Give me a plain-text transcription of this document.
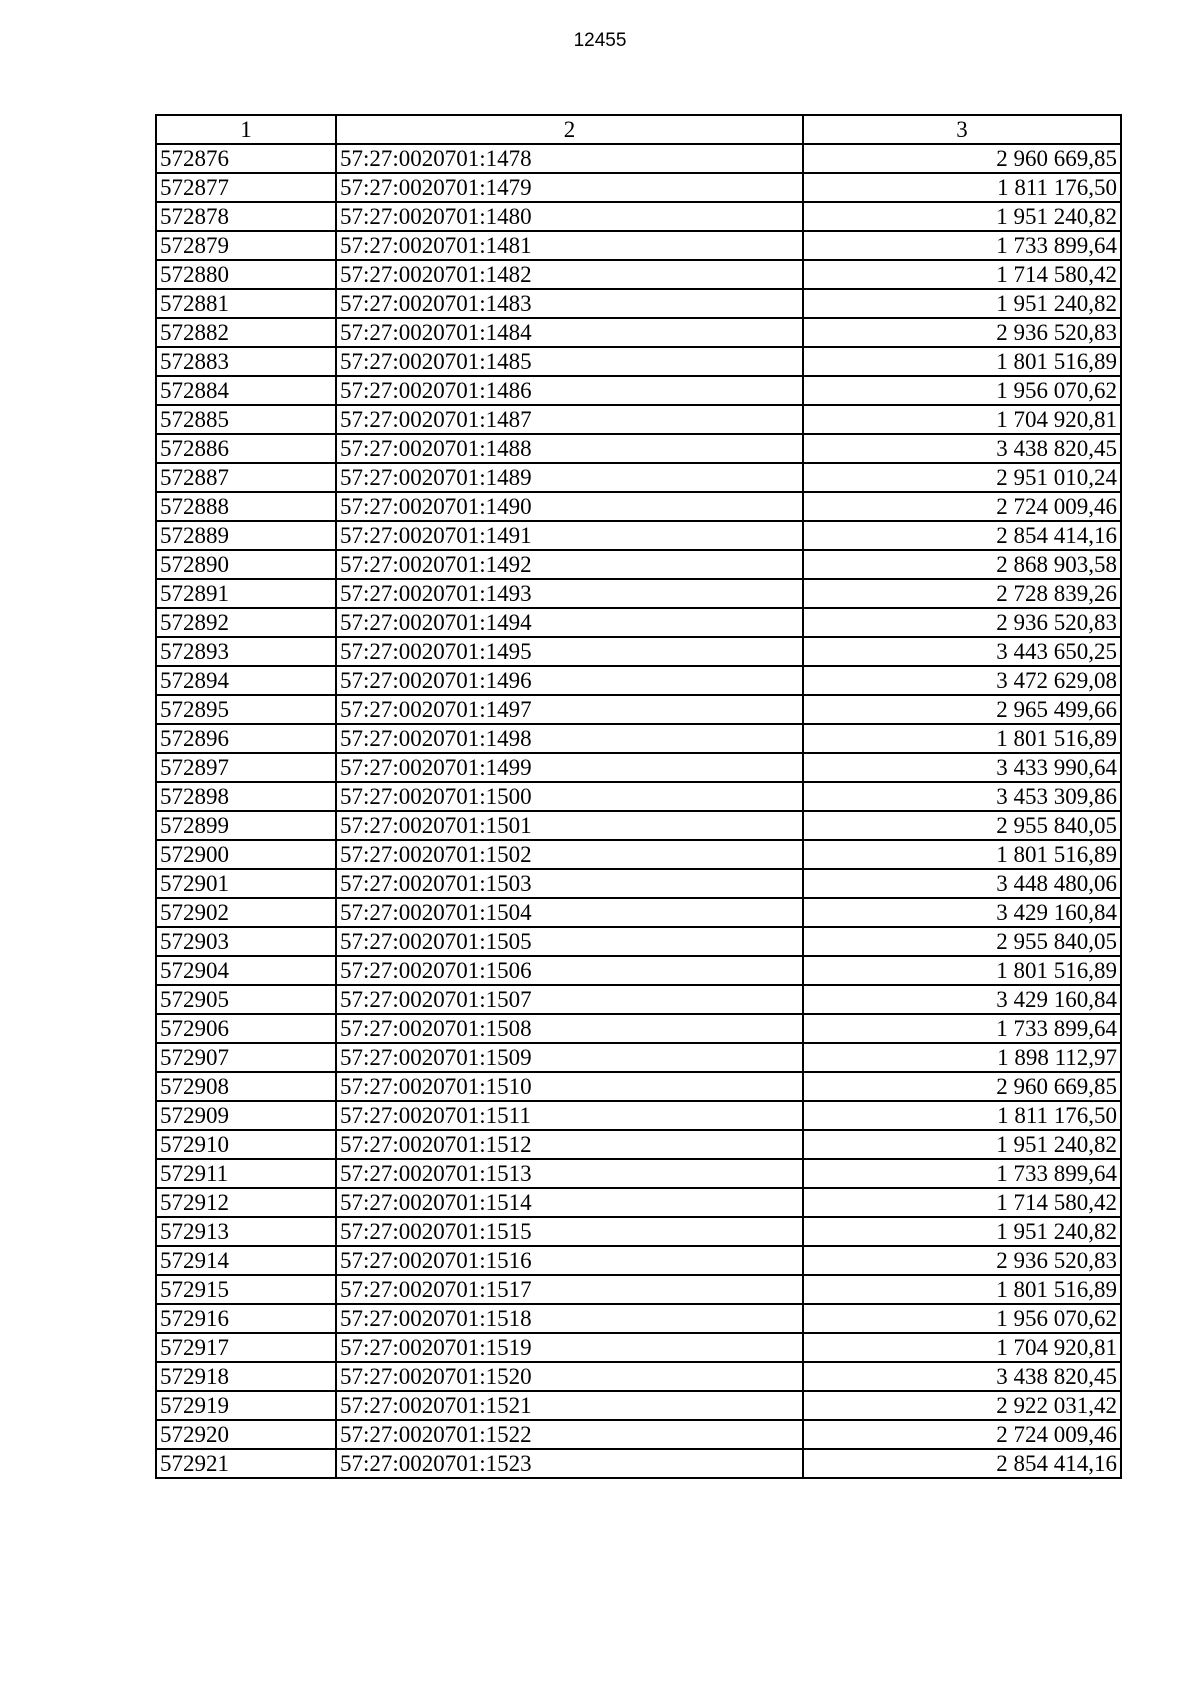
12455
1	2	3
572876	57:27:0020701:1478	2 960 669,85
572877	57:27:0020701:1479	1 811 176,50
572878	57:27:0020701:1480	1 951 240,82
572879	57:27:0020701:1481	1 733 899,64
572880	57:27:0020701:1482	1 714 580,42
572881	57:27:0020701:1483	1 951 240,82
572882	57:27:0020701:1484	2 936 520,83
572883	57:27:0020701:1485	1 801 516,89
572884	57:27:0020701:1486	1 956 070,62
572885	57:27:0020701:1487	1 704 920,81
572886	57:27:0020701:1488	3 438 820,45
572887	57:27:0020701:1489	2 951 010,24
572888	57:27:0020701:1490	2 724 009,46
572889	57:27:0020701:1491	2 854 414,16
572890	57:27:0020701:1492	2 868 903,58
572891	57:27:0020701:1493	2 728 839,26
572892	57:27:0020701:1494	2 936 520,83
572893	57:27:0020701:1495	3 443 650,25
572894	57:27:0020701:1496	3 472 629,08
572895	57:27:0020701:1497	2 965 499,66
572896	57:27:0020701:1498	1 801 516,89
572897	57:27:0020701:1499	3 433 990,64
572898	57:27:0020701:1500	3 453 309,86
572899	57:27:0020701:1501	2 955 840,05
572900	57:27:0020701:1502	1 801 516,89
572901	57:27:0020701:1503	3 448 480,06
572902	57:27:0020701:1504	3 429 160,84
572903	57:27:0020701:1505	2 955 840,05
572904	57:27:0020701:1506	1 801 516,89
572905	57:27:0020701:1507	3 429 160,84
572906	57:27:0020701:1508	1 733 899,64
572907	57:27:0020701:1509	1 898 112,97
572908	57:27:0020701:1510	2 960 669,85
572909	57:27:0020701:1511	1 811 176,50
572910	57:27:0020701:1512	1 951 240,82
572911	57:27:0020701:1513	1 733 899,64
572912	57:27:0020701:1514	1 714 580,42
572913	57:27:0020701:1515	1 951 240,82
572914	57:27:0020701:1516	2 936 520,83
572915	57:27:0020701:1517	1 801 516,89
572916	57:27:0020701:1518	1 956 070,62
572917	57:27:0020701:1519	1 704 920,81
572918	57:27:0020701:1520	3 438 820,45
572919	57:27:0020701:1521	2 922 031,42
572920	57:27:0020701:1522	2 724 009,46
572921	57:27:0020701:1523	2 854 414,16
